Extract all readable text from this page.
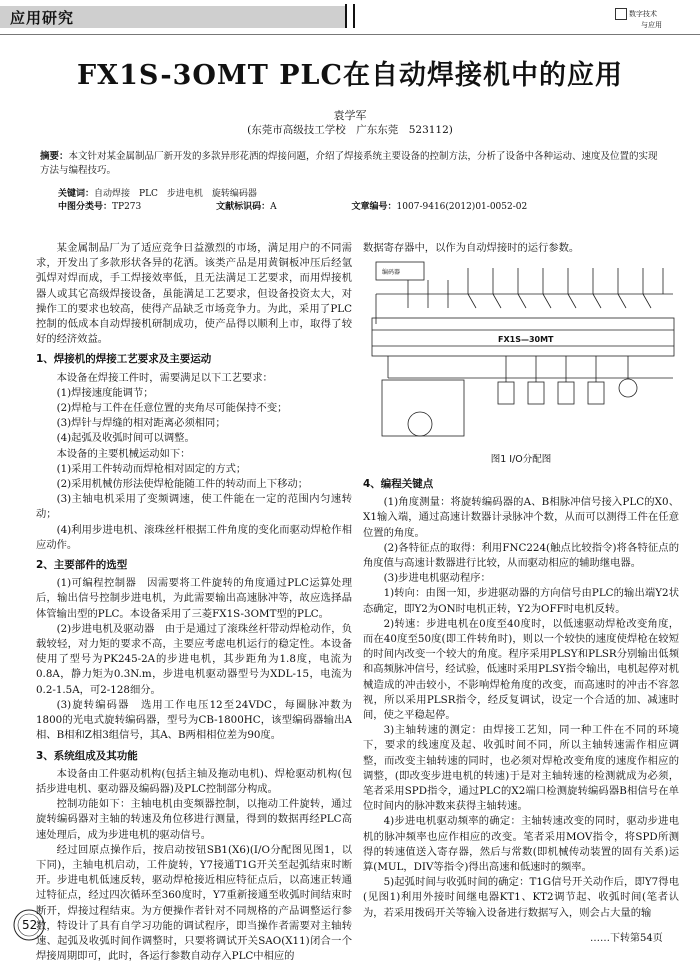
应用研究	数字技术
与应用
FX1S-3OMT PLC在自动焊接机中的应用
袁学军
(东莞市高级技工学校　广东东莞　523112)
摘要：本文针对某金属制品厂新开发的多款异形花洒的焊接问题，介绍了焊接系统主要设备的控制方法，分析了设备中各种运动、速度及位置的实现方法与编程技巧。
关键词：自动焊接　PLC　步进电机　旋转编码器
中图分类号：TP273	文献标识码：A	文章编号：1007-9416(2012)01-0052-02

某金属制品厂为了适应竞争日益激烈的市场，满足用户的不同需求，开发出了多款形状各异的花洒。该类产品是用黄铜板冲压后经氩弧焊对焊而成，手工焊接效率低，且无法满足工艺要求，而用焊接机器人或其它高级焊接设备，虽能满足工艺要求，但设备投资太大，对操作工的要求也较高，使得产品缺乏市场竞争力。为此，采用了PLC控制的低成本自动焊接机研制成功，使产品得以顺利上市，取得了较好的经济效益。

1、焊接机的焊接工艺要求及主要运动

本设备在焊接工件时，需要满足以下工艺要求：

(1)焊接速度能调节；

(2)焊枪与工件在任意位置的夹角尽可能保持不变；

(3)焊针与焊缝的相对距离必须相同；

(4)起弧及收弧时间可以调整。

本设备的主要机械运动如下：

(1)采用工件转动而焊枪相对固定的方式；

(2)采用机械仿形法使焊枪能随工件的转动而上下移动；

(3)主轴电机采用了变频调速，使工件能在一定的范围内匀速转动；

(4)利用步进电机、滚珠丝杆根据工件角度的变化而驱动焊枪作相应动作。

2、主要部件的选型

(1)可编程控制器　因需要将工件旋转的角度通过PLC运算处理后，输出信号控制步进电机，为此需要输出高速脉冲等，故应选择晶体管输出型的PLC。本设备采用了三菱FX1S-3OMT型的PLC。

(2)步进电机及驱动器　由于是通过了滚珠丝杆带动焊枪动作，负载较轻，对力矩的要求不高，主要应考虑电机运行的稳定性。本设备使用了型号为PK245-2A的步进电机，其步距角为1.8度，电流为0.8A，静力矩为0.3N.m，步进电机驱动器型号为XDL-15，电流为0.2-1.5A，可2-128细分。

(3)旋转编码器　选用工作电压12至24VDC，每圈脉冲数为1800的光电式旋转编码器，型号为CB-1800HC，该型编码器输出A相、B相和Z相3组信号，其A、B两相相位差为90度。

3、系统组成及其功能

本设备由工件驱动机构(包括主轴及拖动电机)、焊枪驱动机构(包括步进电机、驱动器及编码器)及PLC控制部分构成。

控制功能如下：主轴电机由变频器控制，以拖动工件旋转，通过旋转编码器对主轴的转速及角位移进行测量，得到的数据再经PLC高速处理后，成为步进电机的驱动信号。

经过回原点操作后，按启动按钮SB1(X6)(I/O分配图见图1，以下同)，主轴电机启动，工件旋转，Y7接通T1G开关至起弧结束时断开。步进电机低速反转，驱动焊枪接近相应特征点后，以高速正转通过特征点，经过四次循环至360度时，Y7重新接通至收弧时间结束时断开，焊接过程结束。为方便操作者针对不同规格的产品调整运行参数，特设计了具有自学习功能的调试程序，即当操作者需要对主轴转速、起弧及收弧时间作调整时，只要将调试开关SAO(X11)闭合一个焊接周期即可，此时，各运行参数自动存入PLC中相应的

数据寄存器中，以作为自动焊接时的运行参数。
编码器
FX1S—30MT
图1 I/O分配图

4、编程关键点

(1)角度测量：将旋转编码器的A、B相脉冲信号接入PLC的X0、X1输入端，通过高速计数器计录脉冲个数，从而可以测得工件在任意位置的角度。

(2)各特征点的取得：利用FNC224(触点比较指令)将各特征点的角度值与高速计数器进行比较，从而驱动相应的辅助继电器。

(3)步进电机驱动程序：

1)转向：由图一知，步进驱动器的方向信号由PLC的输出端Y2状态确定，即Y2为ON时电机正转，Y2为OFF时电机反转。

2)转速：步进电机在0度至40度时，以低速驱动焊枪改变角度，而在40度至50度(即工件转角时)，则以一个较快的速度使焊枪在较短的时间内改变一个较大的角度。程序采用PLSY和PLSR分别输出低频和高频脉冲信号，经试验，低速时采用PLSY指令输出，电机起停对机械造成的冲击较小，不影响焊枪角度的改变，而高速时的冲击不容忽视，所以采用PLSR指令，经反复调试，设定一个合适的加、减速时间，使之平稳起停。

3)主轴转速的测定：由焊接工艺知，同一种工件在不同的环境下，要求的线速度及起、收弧时间不同，所以主轴转速需作相应调整，而改变主轴转速的同时，也必须对焊枪改变角度的速度作相应的调整，(即改变步进电机的转速)于是对主轴转速的检测就成为必须，笔者采用SPD指令，通过PLC的X2端口检测旋转编码器B相信号在单位时间内的脉冲数来获得主轴转速。

4)步进电机驱动频率的确定：主轴转速改变的同时，驱动步进电机的脉冲频率也应作相应的改变。笔者采用MOV指令，将SPD所测得的转速值送入寄存器，然后与常数(即机械传动装置的固有关系)运算(MUL，DIV等指令)得出高速和低速时的频率。

5)起弧时间与收弧时间的确定：T1G信号开关动作后，即Y7得电(见图1)利用外接时间继电器KT1、KT2调节起、收弧时间(笔者认为，若采用拨码开关等输入设备进行数据写入，则会占大量的输

……下转第54页
52
